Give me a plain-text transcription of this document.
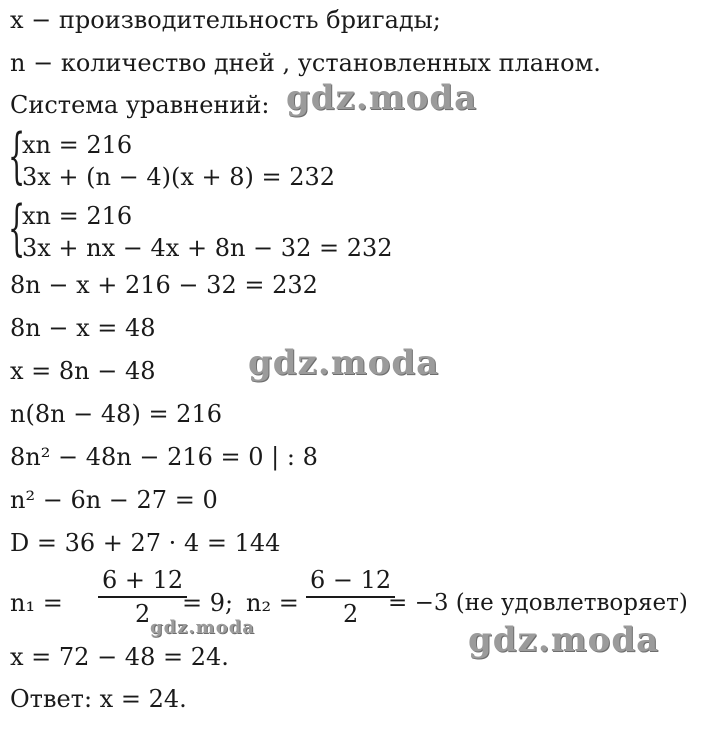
x − производительность бригады;
n − количество дней , установленных планом.
Система уравнений:
{
xn = 216
3x + (n − 4)(x + 8) = 232
{
xn = 216
3x + nx − 4x + 8n − 32 = 232
8n − x + 216 − 32 = 232
8n − x = 48
x = 8n − 48
n(8n − 48) = 216
8n² − 48n − 216 = 0 | : 8
n² − 6n − 27 = 0
D = 36 + 27 · 4 = 144
n₁ =
6 + 12
2	= 9; n₂ =
6 − 12
2	= −3 (не удовлетворяет)
x = 72 − 48 = 24.
Ответ: x = 24.
gdz.moda
gdz.moda
gdz.moda	gdz.moda
